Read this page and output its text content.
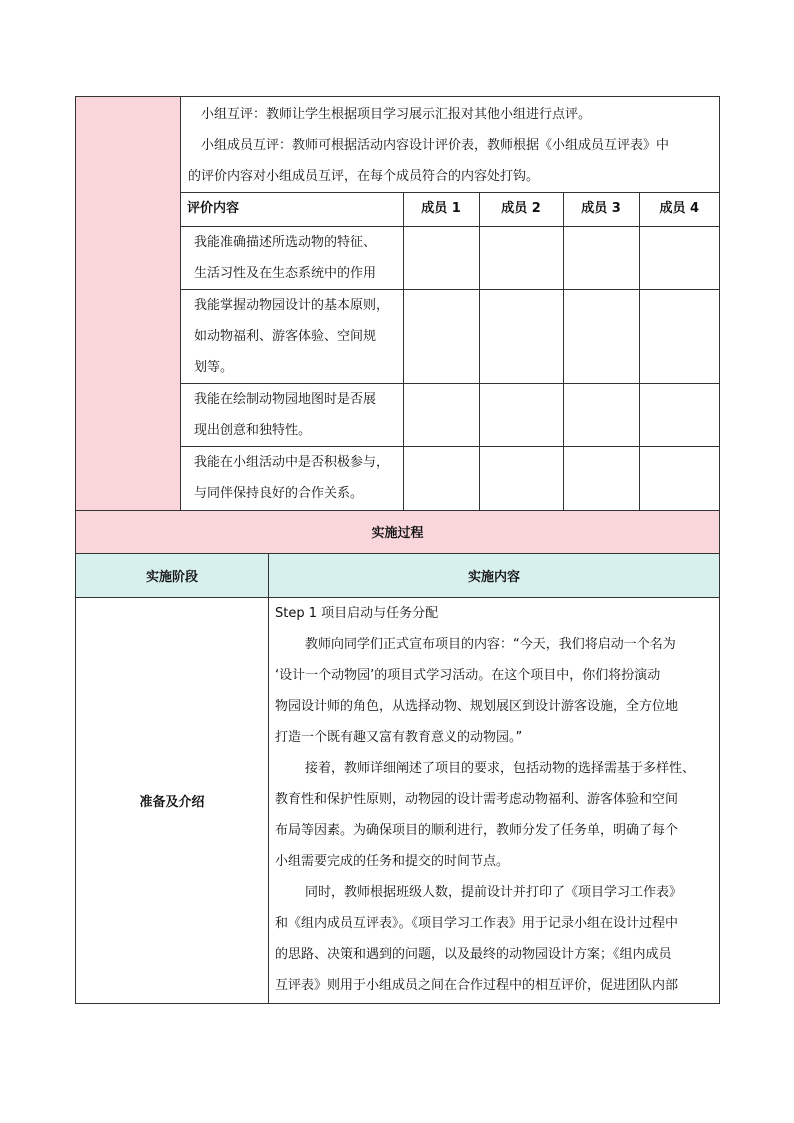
小组互评：教师让学生根据项目学习展示汇报对其他小组进行点评。

小组成员互评：教师可根据活动内容设计评价表，教师根据《小组成员互评表》中

的评价内容对小组成员互评，在每个成员符合的内容处打钩。

评价内容	成员 1	成员 2	成员 3	成员 4

我能准确描述所选动物的特征、
生活习性及在生态系统中的作用

我能掌握动物园设计的基本原则，
如动物福利、游客体验、空间规
划等。

我能在绘制动物园地图时是否展
现出创意和独特性。

我能在小组活动中是否积极参与，
与同伴保持良好的合作关系。

实施过程
实施阶段	实施内容
准备及介绍	

Step 1 项目启动与任务分配

教师向同学们正式宣布项目的内容：“今天，我们将启动一个名为

‘设计一个动物园’的项目式学习活动。在这个项目中，你们将扮演动

物园设计师的角色，从选择动物、规划展区到设计游客设施，全方位地

打造一个既有趣又富有教育意义的动物园。”

接着，教师详细阐述了项目的要求，包括动物的选择需基于多样性、

教育性和保护性原则，动物园的设计需考虑动物福利、游客体验和空间

布局等因素。为确保项目的顺利进行，教师分发了任务单，明确了每个

小组需要完成的任务和提交的时间节点。

同时，教师根据班级人数，提前设计并打印了《项目学习工作表》

和《组内成员互评表》。《项目学习工作表》用于记录小组在设计过程中

的思路、决策和遇到的问题，以及最终的动物园设计方案；《组内成员

互评表》则用于小组成员之间在合作过程中的相互评价，促进团队内部
